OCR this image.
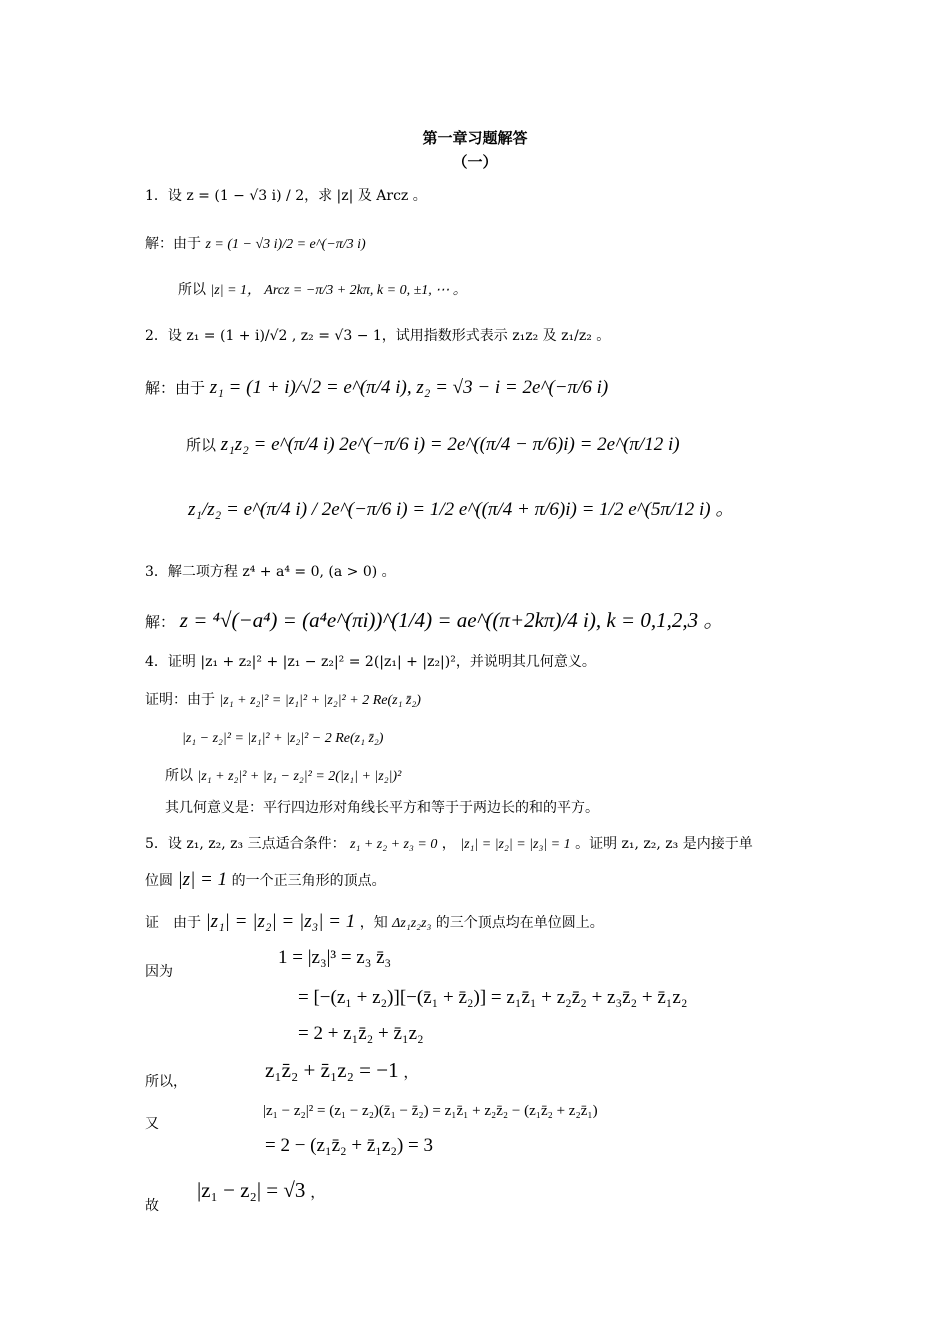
第一章习题解答
（一）
1．设 z = (1 − √3 i) / 2，求 |z| 及 Arcz 。
解：由于 z = (1 − √3 i)/2 = e^(−π/3 i)
所以 |z| = 1， Arcz = −π/3 + 2kπ, k = 0, ±1, ⋯ 。
2．设 z₁ = (1 + i)/√2 , z₂ = √3 − 1，试用指数形式表示 z₁z₂ 及 z₁/z₂ 。
解：由于 z₁ = (1 + i)/√2 = e^(π/4 i), z₂ = √3 − i = 2e^(−π/6 i)
所以 z₁z₂ = e^(π/4 i) 2e^(−π/6 i) = 2e^((π/4 − π/6)i) = 2e^(π/12 i)
z₁/z₂ = e^(π/4 i) / 2e^(−π/6 i) = 1/2 e^((π/4 + π/6)i) = 1/2 e^(5π/12 i) 。
3．解二项方程 z⁴ + a⁴ = 0, (a > 0) 。
解： z = ⁴√(−a⁴) = (a⁴e^(πi))^(1/4) = ae^((π+2kπ)/4 i), k = 0,1,2,3 。
4．证明 |z₁ + z₂|² + |z₁ − z₂|² = 2(|z₁| + |z₂|)²，并说明其几何意义。
证明：由于 |z₁ + z₂|² = |z₁|² + |z₂|² + 2 Re(z₁ z̄₂)
|z₁ − z₂|² = |z₁|² + |z₂|² − 2 Re(z₁ z̄₂)
所以 |z₁ + z₂|² + |z₁ − z₂|² = 2(|z₁| + |z₂|)²
其几何意义是：平行四边形对角线长平方和等于于两边长的和的平方。
5．设 z₁, z₂, z₃ 三点适合条件： z₁ + z₂ + z₃ = 0 ， |z₁| = |z₂| = |z₃| = 1 。证明 z₁, z₂, z₃ 是内接于单
位圆 |z| = 1 的一个正三角形的顶点。
证　由于 |z₁| = |z₂| = |z₃| = 1 ，知 Δz₁z₂z₃ 的三个顶点均在单位圆上。
因为
1 = |z₃|³ = z₃ z̄₃
= [−(z₁ + z₂)][−(z̄₁ + z̄₂)] = z₁z̄₁ + z₂z̄₂ + z₃z̄₂ + z̄₁z₂
= 2 + z₁z̄₂ + z̄₁z₂
所以，	z₁z̄₂ + z̄₁z₂ = −1 ，
又
|z₁ − z₂|² = (z₁ − z₂)(z̄₁ − z̄₂) = z₁z̄₁ + z₂z̄₂ − (z₁z̄₂ + z₂z̄₁)
= 2 − (z₁z̄₂ + z̄₁z₂) = 3
故
|z₁ − z₂| = √3 ，
